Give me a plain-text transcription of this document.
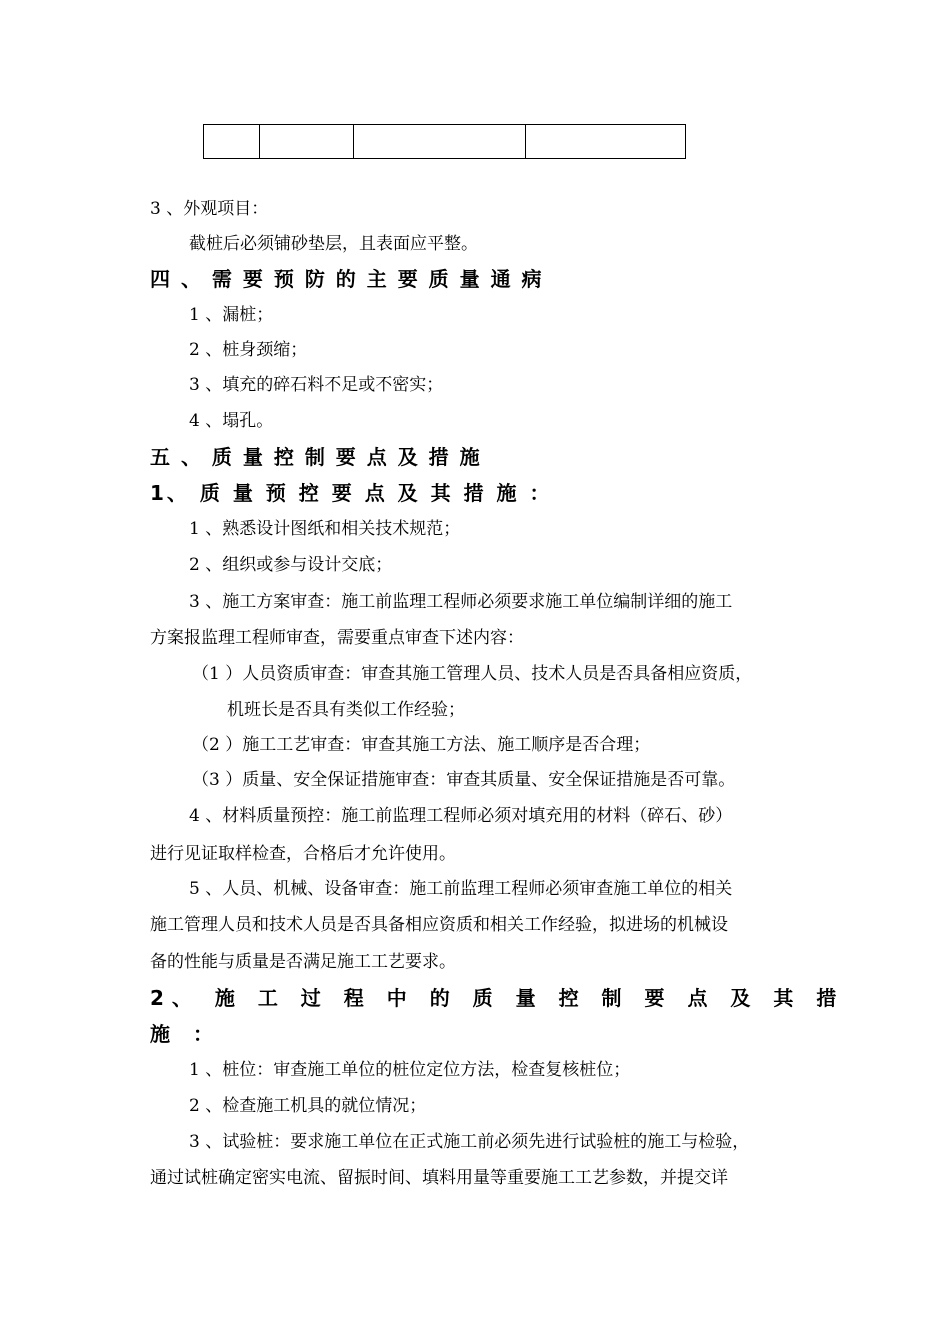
3 、外观项目：
截桩后必须铺砂垫层，且表面应平整。
四 、 需 要 预 防 的 主 要 质 量 通 病
1 、漏桩；
2 、桩身颈缩；
3 、填充的碎石料不足或不密实；
4 、塌孔。
五 、 质 量 控 制 要 点 及 措 施
1、 质 量 预 控 要 点 及 其 措 施 ：
1 、熟悉设计图纸和相关技术规范；
2 、组织或参与设计交底；
3 、施工方案审查：施工前监理工程师必须要求施工单位编制详细的施工
方案报监理工程师审查，需要重点审查下述内容：
（1 ）人员资质审查：审查其施工管理人员、技术人员是否具备相应资质，
机班长是否具有类似工作经验；
（2 ）施工工艺审查：审查其施工方法、施工顺序是否合理；
（3 ）质量、安全保证措施审查：审查其质量、安全保证措施是否可靠。
4 、材料质量预控：施工前监理工程师必须对填充用的材料（碎石、砂）
进行见证取样检查，合格后才允许使用。
5 、人员、机械、设备审查：施工前监理工程师必须审查施工单位的相关
施工管理人员和技术人员是否具备相应资质和相关工作经验，拟进场的机械设
备的性能与质量是否满足施工工艺要求。
2、 施 工 过 程 中 的 质 量 控 制 要 点 及 其 措
施 ：
1 、桩位：审查施工单位的桩位定位方法，检查复核桩位；
2 、检查施工机具的就位情况；
3 、试验桩：要求施工单位在正式施工前必须先进行试验桩的施工与检验，
通过试桩确定密实电流、留振时间、填料用量等重要施工工艺参数，并提交详
